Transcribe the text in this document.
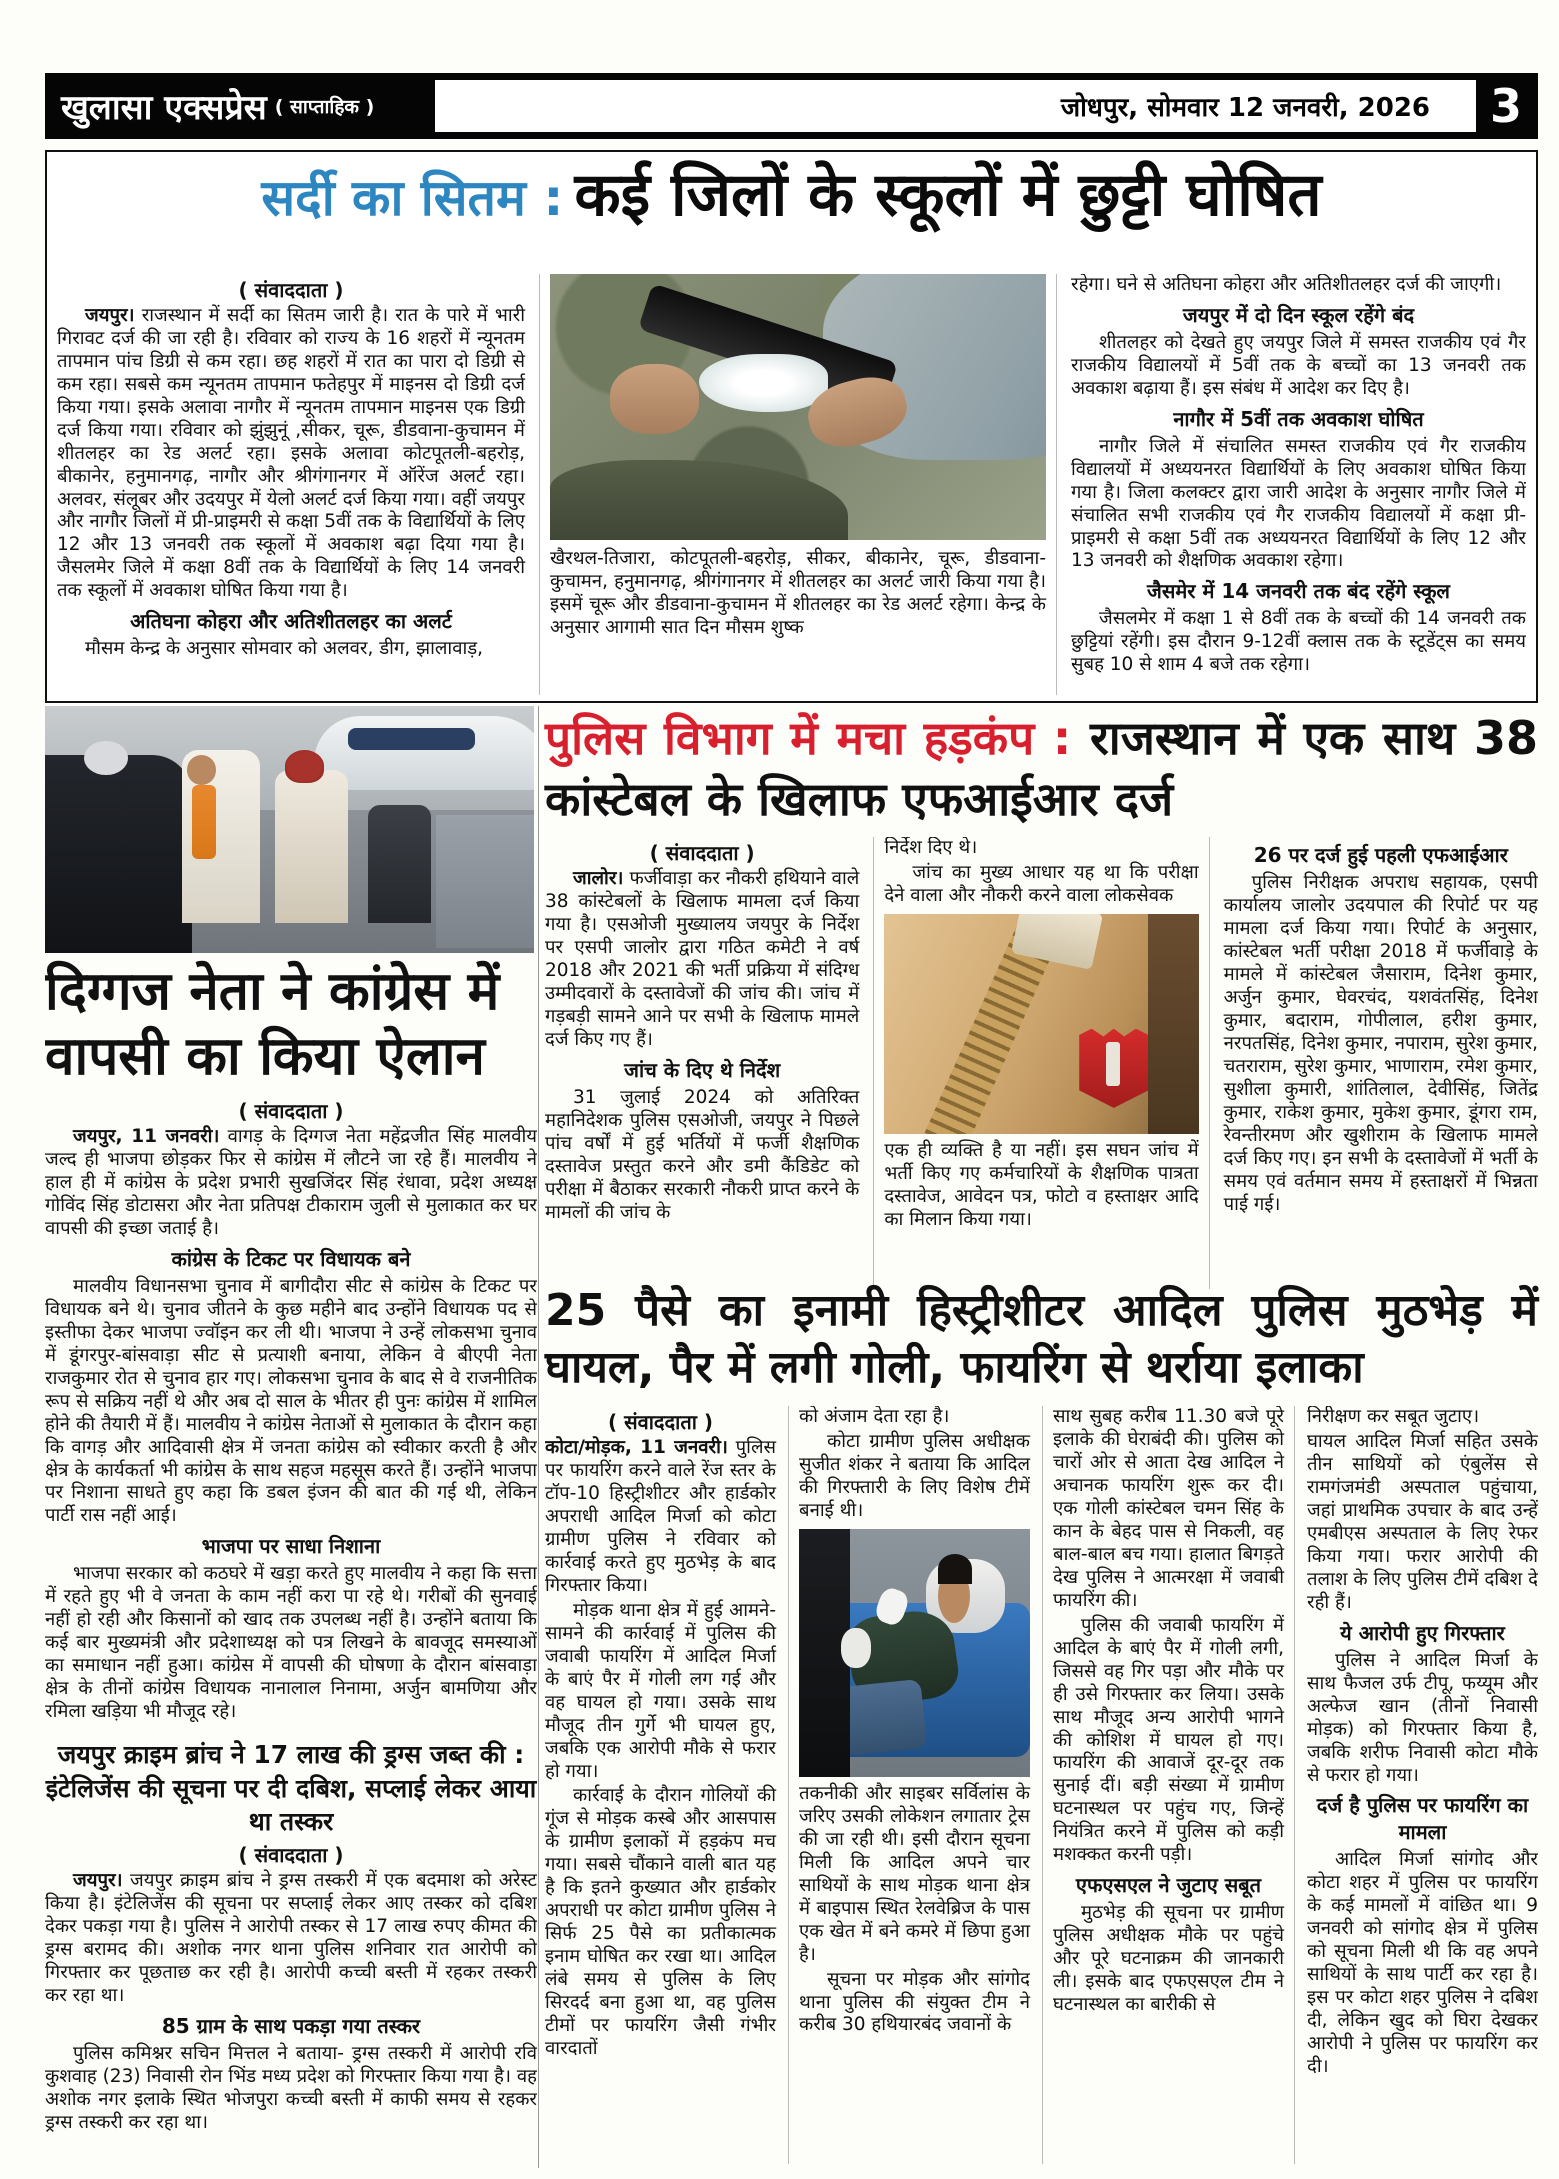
खुलासा एक्सप्रेस ( साप्ताहिक )	जोधपुर, सोमवार 12 जनवरी, 2026 3
सर्दी का सितम : कई जिलों के स्कूलों में छुट्टी घोषित

( संवाददाता )

जयपुर। राजस्थान में सर्दी का सितम जारी है। रात के पारे में भारी गिरावट दर्ज की जा रही है। रविवार को राज्य के 16 शहरों में न्यूनतम तापमान पांच डिग्री से कम रहा। छह शहरों में रात का पारा दो डिग्री से कम रहा। सबसे कम न्यूनतम तापमान फतेहपुर में माइनस दो डिग्री दर्ज किया गया। इसके अलावा नागौर में न्यूनतम तापमान माइनस एक डिग्री दर्ज किया गया। रविवार को झुंझुनूं ,सीकर, चूरू, डीडवाना-कुचामन में शीतलहर का रेड अलर्ट रहा। इसके अलावा कोटपूतली-बहरोड़, बीकानेर, हनुमानगढ़, नागौर और श्रीगंगानगर में ऑरेंज अलर्ट रहा। अलवर, संलूबर और उदयपुर में येलो अलर्ट दर्ज किया गया। वहीं जयपुर और नागौर जिलों में प्री-प्राइमरी से कक्षा 5वीं तक के विद्यार्थियों के लिए 12 और 13 जनवरी तक स्कूलों में अवकाश बढ़ा दिया गया है। जैसलमेर जिले में कक्षा 8वीं तक के विद्यार्थियों के लिए 14 जनवरी तक स्कूलों में अवकाश घोषित किया गया है।

अतिघना कोहरा और अतिशीतलहर का अलर्ट

मौसम केन्द्र के अनुसार सोमवार को अलवर, डीग, झालावाड़,

खैरथल-तिजारा, कोटपूतली-बहरोड़, सीकर, बीकानेर, चूरू, डीडवाना-कुचामन, हनुमानगढ़, श्रीगंगानगर में शीतलहर का अलर्ट जारी किया गया है। इसमें चूरू और डीडवाना-कुचामन में शीतलहर का रेड अलर्ट रहेगा। केन्द्र के अनुसार आगामी सात दिन मौसम शुष्क

रहेगा। घने से अतिघना कोहरा और अतिशीतलहर दर्ज की जाएगी।

जयपुर में दो दिन स्कूल रहेंगे बंद

शीतलहर को देखते हुए जयपुर जिले में समस्त राजकीय एवं गैर राजकीय विद्यालयों में 5वीं तक के बच्चों का 13 जनवरी तक अवकाश बढ़ाया हैं। इस संबंध में आदेश कर दिए है।

नागौर में 5वीं तक अवकाश घोषित

नागौर जिले में संचालित समस्त राजकीय एवं गैर राजकीय विद्यालयों में अध्ययनरत विद्यार्थियों के लिए अवकाश घोषित किया गया है। जिला कलक्टर द्वारा जारी आदेश के अनुसार नागौर जिले में संचालित सभी राजकीय एवं गैर राजकीय विद्यालयों में कक्षा प्री-प्राइमरी से कक्षा 5वीं तक अध्ययनरत विद्यार्थियों के लिए 12 और 13 जनवरी को शैक्षणिक अवकाश रहेगा।

जैसमेर में 14 जनवरी तक बंद रहेंगे स्कूल

जैसलमेर में कक्षा 1 से 8वीं तक के बच्चों की 14 जनवरी तक छुट्टियां रहेंगी। इस दौरान 9-12वीं क्लास तक के स्टूडेंट्स का समय सुबह 10 से शाम 4 बजे तक रहेगा।

दिग्गज नेता ने कांग्रेस में वापसी का किया ऐलान

( संवाददाता )

जयपुर, 11 जनवरी। वागड़ के दिग्गज नेता महेंद्रजीत सिंह मालवीय जल्द ही भाजपा छोड़कर फिर से कांग्रेस में लौटने जा रहे हैं। मालवीय ने हाल ही में कांग्रेस के प्रदेश प्रभारी सुखजिंदर सिंह रंधावा, प्रदेश अध्यक्ष गोविंद सिंह डोटासरा और नेता प्रतिपक्ष टीकाराम जुली से मुलाकात कर घर वापसी की इच्छा जताई है।

कांग्रेस के टिकट पर विधायक बने

मालवीय विधानसभा चुनाव में बागीदौरा सीट से कांग्रेस के टिकट पर विधायक बने थे। चुनाव जीतने के कुछ महीने बाद उन्होंने विधायक पद से इस्तीफा देकर भाजपा ज्वॉइन कर ली थी। भाजपा ने उन्हें लोकसभा चुनाव में डूंगरपुर-बांसवाड़ा सीट से प्रत्याशी बनाया, लेकिन वे बीएपी नेता राजकुमार रोत से चुनाव हार गए। लोकसभा चुनाव के बाद से वे राजनीतिक रूप से सक्रिय नहीं थे और अब दो साल के भीतर ही पुनः कांग्रेस में शामिल होने की तैयारी में हैं। मालवीय ने कांग्रेस नेताओं से मुलाकात के दौरान कहा कि वागड़ और आदिवासी क्षेत्र में जनता कांग्रेस को स्वीकार करती है और क्षेत्र के कार्यकर्ता भी कांग्रेस के साथ सहज महसूस करते हैं। उन्होंने भाजपा पर निशाना साधते हुए कहा कि डबल इंजन की बात की गई थी, लेकिन पार्टी रास नहीं आई।

भाजपा पर साधा निशाना

भाजपा सरकार को कठघरे में खड़ा करते हुए मालवीय ने कहा कि सत्ता में रहते हुए भी वे जनता के काम नहीं करा पा रहे थे। गरीबों की सुनवाई नहीं हो रही और किसानों को खाद तक उपलब्ध नहीं है। उन्होंने बताया कि कई बार मुख्यमंत्री और प्रदेशाध्यक्ष को पत्र लिखने के बावजूद समस्याओं का समाधान नहीं हुआ। कांग्रेस में वापसी की घोषणा के दौरान बांसवाड़ा क्षेत्र के तीनों कांग्रेस विधायक नानालाल निनामा, अर्जुन बामणिया और रमिला खड़िया भी मौजूद रहे।

जयपुर क्राइम ब्रांच ने 17 लाख की ड्रग्स जब्त की : इंटेलिजेंस की सूचना पर दी दबिश, सप्लाई लेकर आया था तस्कर

( संवाददाता )

जयपुर। जयपुर क्राइम ब्रांच ने ड्रग्स तस्करी में एक बदमाश को अरेस्ट किया है। इंटेलिजेंस की सूचना पर सप्लाई लेकर आए तस्कर को दबिश देकर पकड़ा गया है। पुलिस ने आरोपी तस्कर से 17 लाख रुपए कीमत की ड्रग्स बरामद की। अशोक नगर थाना पुलिस शनिवार रात आरोपी को गिरफ्तार कर पूछताछ कर रही है। आरोपी कच्ची बस्ती में रहकर तस्करी कर रहा था।

85 ग्राम के साथ पकड़ा गया तस्कर

पुलिस कमिश्नर सचिन मित्तल ने बताया- ड्रग्स तस्करी में आरोपी रवि कुशवाह (23) निवासी रोन भिंड मध्य प्रदेश को गिरफ्तार किया गया है। वह अशोक नगर इलाके स्थित भोजपुरा कच्ची बस्ती में काफी समय से रहकर ड्रग्स तस्करी कर रहा था।

पुलिस विभाग में मचा हड़कंप : राजस्थान में एक साथ 38 कांस्टेबल के खिलाफ एफआईआर दर्ज

( संवाददाता )

जालोर। फर्जीवाड़ा कर नौकरी हथियाने वाले 38 कांस्टेबलों के खिलाफ मामला दर्ज किया गया है। एसओजी मुख्यालय जयपुर के निर्देश पर एसपी जालोर द्वारा गठित कमेटी ने वर्ष 2018 और 2021 की भर्ती प्रक्रिया में संदिग्ध उम्मीदवारों के दस्तावेजों की जांच की। जांच में गड़बड़ी सामने आने पर सभी के खिलाफ मामले दर्ज किए गए हैं।

जांच के दिए थे निर्देश

31 जुलाई 2024 को अतिरिक्त महानिदेशक पुलिस एसओजी, जयपुर ने पिछले पांच वर्षों में हुई भर्तियों में फर्जी शैक्षणिक दस्तावेज प्रस्तुत करने और डमी कैंडिडेट को परीक्षा में बैठाकर सरकारी नौकरी प्राप्त करने के मामलों की जांच के

निर्देश दिए थे।

जांच का मुख्य आधार यह था कि परीक्षा देने वाला और नौकरी करने वाला लोकसेवक

एक ही व्यक्ति है या नहीं। इस सघन जांच में भर्ती किए गए कर्मचारियों के शैक्षणिक पात्रता दस्तावेज, आवेदन पत्र, फोटो व हस्ताक्षर आदि का मिलान किया गया।

26 पर दर्ज हुई पहली एफआईआर

पुलिस निरीक्षक अपराध सहायक, एसपी कार्यालय जालोर उदयपाल की रिपोर्ट पर यह मामला दर्ज किया गया। रिपोर्ट के अनुसार, कांस्टेबल भर्ती परीक्षा 2018 में फर्जीवाड़े के मामले में कांस्टेबल जैसाराम, दिनेश कुमार, अर्जुन कुमार, घेवरचंद, यशवंतसिंह, दिनेश कुमार, बदाराम, गोपीलाल, हरीश कुमार, नरपतसिंह, दिनेश कुमार, नपाराम, सुरेश कुमार, चतराराम, सुरेश कुमार, भाणाराम, रमेश कुमार, सुशीला कुमारी, शांतिलाल, देवीसिंह, जितेंद्र कुमार, राकेश कुमार, मुकेश कुमार, डूंगरा राम, रेवन्तीरमण और खुशीराम के खिलाफ मामले दर्ज किए गए। इन सभी के दस्तावेजों में भर्ती के समय एवं वर्तमान समय में हस्ताक्षरों में भिन्नता पाई गई।

25 पैसे का इनामी हिस्ट्रीशीटर आदिल पुलिस मुठभेड़ में घायल, पैर में लगी गोली, फायरिंग से थर्राया इलाका

( संवाददाता )

कोटा/मोड़क, 11 जनवरी। पुलिस पर फायरिंग करने वाले रेंज स्तर के टॉप-10 हिस्ट्रीशीटर और हार्डकोर अपराधी आदिल मिर्जा को कोटा ग्रामीण पुलिस ने रविवार को कार्रवाई करते हुए मुठभेड़ के बाद गिरफ्तार किया।

मोड़क थाना क्षेत्र में हुई आमने-सामने की कार्रवाई में पुलिस की जवाबी फायरिंग में आदिल मिर्जा के बाएं पैर में गोली लग गई और वह घायल हो गया। उसके साथ मौजूद तीन गुर्गे भी घायल हुए, जबकि एक आरोपी मौके से फरार हो गया।

कार्रवाई के दौरान गोलियों की गूंज से मोड़क कस्बे और आसपास के ग्रामीण इलाकों में हड़कंप मच गया। सबसे चौंकाने वाली बात यह है कि इतने कुख्यात और हार्डकोर अपराधी पर कोटा ग्रामीण पुलिस ने सिर्फ 25 पैसे का प्रतीकात्मक इनाम घोषित कर रखा था। आदिल लंबे समय से पुलिस के लिए सिरदर्द बना हुआ था, वह पुलिस टीमों पर फायरिंग जैसी गंभीर वारदातों

को अंजाम देता रहा है।

कोटा ग्रामीण पुलिस अधीक्षक सुजीत शंकर ने बताया कि आदिल की गिरफ्तारी के लिए विशेष टीमें बनाई थी।

तकनीकी और साइबर सर्विलांस के जरिए उसकी लोकेशन लगातार ट्रेस की जा रही थी। इसी दौरान सूचना मिली कि आदिल अपने चार साथियों के साथ मोड़क थाना क्षेत्र में बाइपास स्थित रेलवेब्रिज के पास एक खेत में बने कमरे में छिपा हुआ है।

सूचना पर मोड़क और सांगोद थाना पुलिस की संयुक्त टीम ने करीब 30 हथियारबंद जवानों के

साथ सुबह करीब 11.30 बजे पूरे इलाके की घेराबंदी की। पुलिस को चारों ओर से आता देख आदिल ने अचानक फायरिंग शुरू कर दी। एक गोली कांस्टेबल चमन सिंह के कान के बेहद पास से निकली, वह बाल-बाल बच गया। हालात बिगड़ते देख पुलिस ने आत्मरक्षा में जवाबी फायरिंग की।

पुलिस की जवाबी फायरिंग में आदिल के बाएं पैर में गोली लगी, जिससे वह गिर पड़ा और मौके पर ही उसे गिरफ्तार कर लिया। उसके साथ मौजूद अन्य आरोपी भागने की कोशिश में घायल हो गए। फायरिंग की आवाजें दूर-दूर तक सुनाई दीं। बड़ी संख्या में ग्रामीण घटनास्थल पर पहुंच गए, जिन्हें नियंत्रित करने में पुलिस को कड़ी मशक्कत करनी पड़ी।

एफएसएल ने जुटाए सबूत

मुठभेड़ की सूचना पर ग्रामीण पुलिस अधीक्षक मौके पर पहुंचे और पूरे घटनाक्रम की जानकारी ली। इसके बाद एफएसएल टीम ने घटनास्थल का बारीकी से

निरीक्षण कर सबूत जुटाए।

घायल आदिल मिर्जा सहित उसके तीन साथियों को एंबुलेंस से रामगंजमंडी अस्पताल पहुंचाया, जहां प्राथमिक उपचार के बाद उन्हें एमबीएस अस्पताल के लिए रेफर किया गया। फरार आरोपी की तलाश के लिए पुलिस टीमें दबिश दे रही हैं।

ये आरोपी हुए गिरफ्तार

पुलिस ने आदिल मिर्जा के साथ फैजल उर्फ टीपू, फय्यूम और अल्फेज खान (तीनों निवासी मोड़क) को गिरफ्तार किया है, जबकि शरीफ निवासी कोटा मौके से फरार हो गया।

दर्ज है पुलिस पर फायरिंग का मामला

आदिल मिर्जा सांगोद और कोटा शहर में पुलिस पर फायरिंग के कई मामलों में वांछित था। 9 जनवरी को सांगोद क्षेत्र में पुलिस को सूचना मिली थी कि वह अपने साथियों के साथ पार्टी कर रहा है। इस पर कोटा शहर पुलिस ने दबिश दी, लेकिन खुद को घिरा देखकर आरोपी ने पुलिस पर फायरिंग कर दी।
